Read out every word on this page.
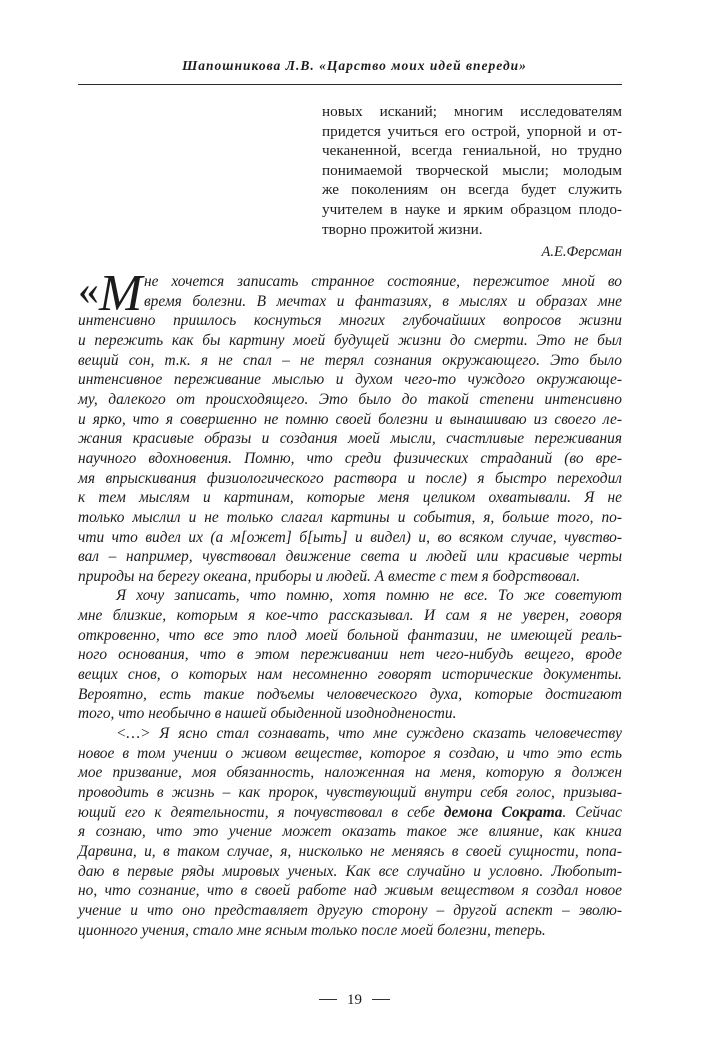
Шапошникова Л.В. «Царство моих идей впереди»
новых исканий; многим исследователям
придется учиться его острой, упорной и от-
чеканенной, всегда гениальной, но трудно
понимаемой творческой мысли; молодым
же поколениям он всегда будет служить
учителем в науке и ярким образцом плодо-
творно прожитой жизни.
А.Е.Ферсман
«М не хочется записать странное состояние, пережитое мной во
время болезни. В мечтах и фантазиях, в мыслях и образах мне
интенсивно пришлось коснуться многих глубочайших вопросов жизни
и пережить как бы картину моей будущей жизни до смерти. Это не был
вещий сон, т.к. я не спал – не терял сознания окружающего. Это было
интенсивное переживание мыслью и духом чего-то чуждого окружающе-
му, далекого от происходящего. Это было до такой степени интенсивно
и ярко, что я совершенно не помню своей болезни и вынашиваю из своего ле-
жания красивые образы и создания моей мысли, счастливые переживания
научного вдохновения. Помню, что среди физических страданий (во вре-
мя впрыскивания физиологического раствора и после) я быстро переходил
к тем мыслям и картинам, которые меня целиком охватывали. Я не
только мыслил и не только слагал картины и события, я, больше того, по-
чти что видел их (а м[ожет] б[ыть] и видел) и, во всяком случае, чувство-
вал – например, чувствовал движение света и людей или красивые черты
природы на берегу океана, приборы и людей. А вместе с тем я бодрствовал.
Я хочу записать, что помню, хотя помню не все. То же советуют
мне близкие, которым я кое-что рассказывал. И сам я не уверен, говоря
откровенно, что все это плод моей больной фантазии, не имеющей реаль-
ного основания, что в этом переживании нет чего-нибудь вещего, вроде
вещих снов, о которых нам несомненно говорят исторические документы.
Вероятно, есть такие подъемы человеческого духа, которые достигают
того, что необычно в нашей обыденной изодноднености.
<…> Я ясно стал сознавать, что мне суждено сказать человечеству
новое в том учении о живом веществе, которое я создаю, и что это есть
мое призвание, моя обязанность, наложенная на меня, которую я должен
проводить в жизнь – как пророк, чувствующий внутри себя голос, призыва-
ющий его к деятельности, я почувствовал в себе демона Сократа. Сейчас
я сознаю, что это учение может оказать такое же влияние, как книга
Дарвина, и, в таком случае, я, нисколько не меняясь в своей сущности, попа-
даю в первые ряды мировых ученых. Как все случайно и условно. Любопыт-
но, что сознание, что в своей работе над живым веществом я создал новое
учение и что оно представляет другую сторону – другой аспект – эволю-
ционного учения, стало мне ясным только после моей болезни, теперь.
19
